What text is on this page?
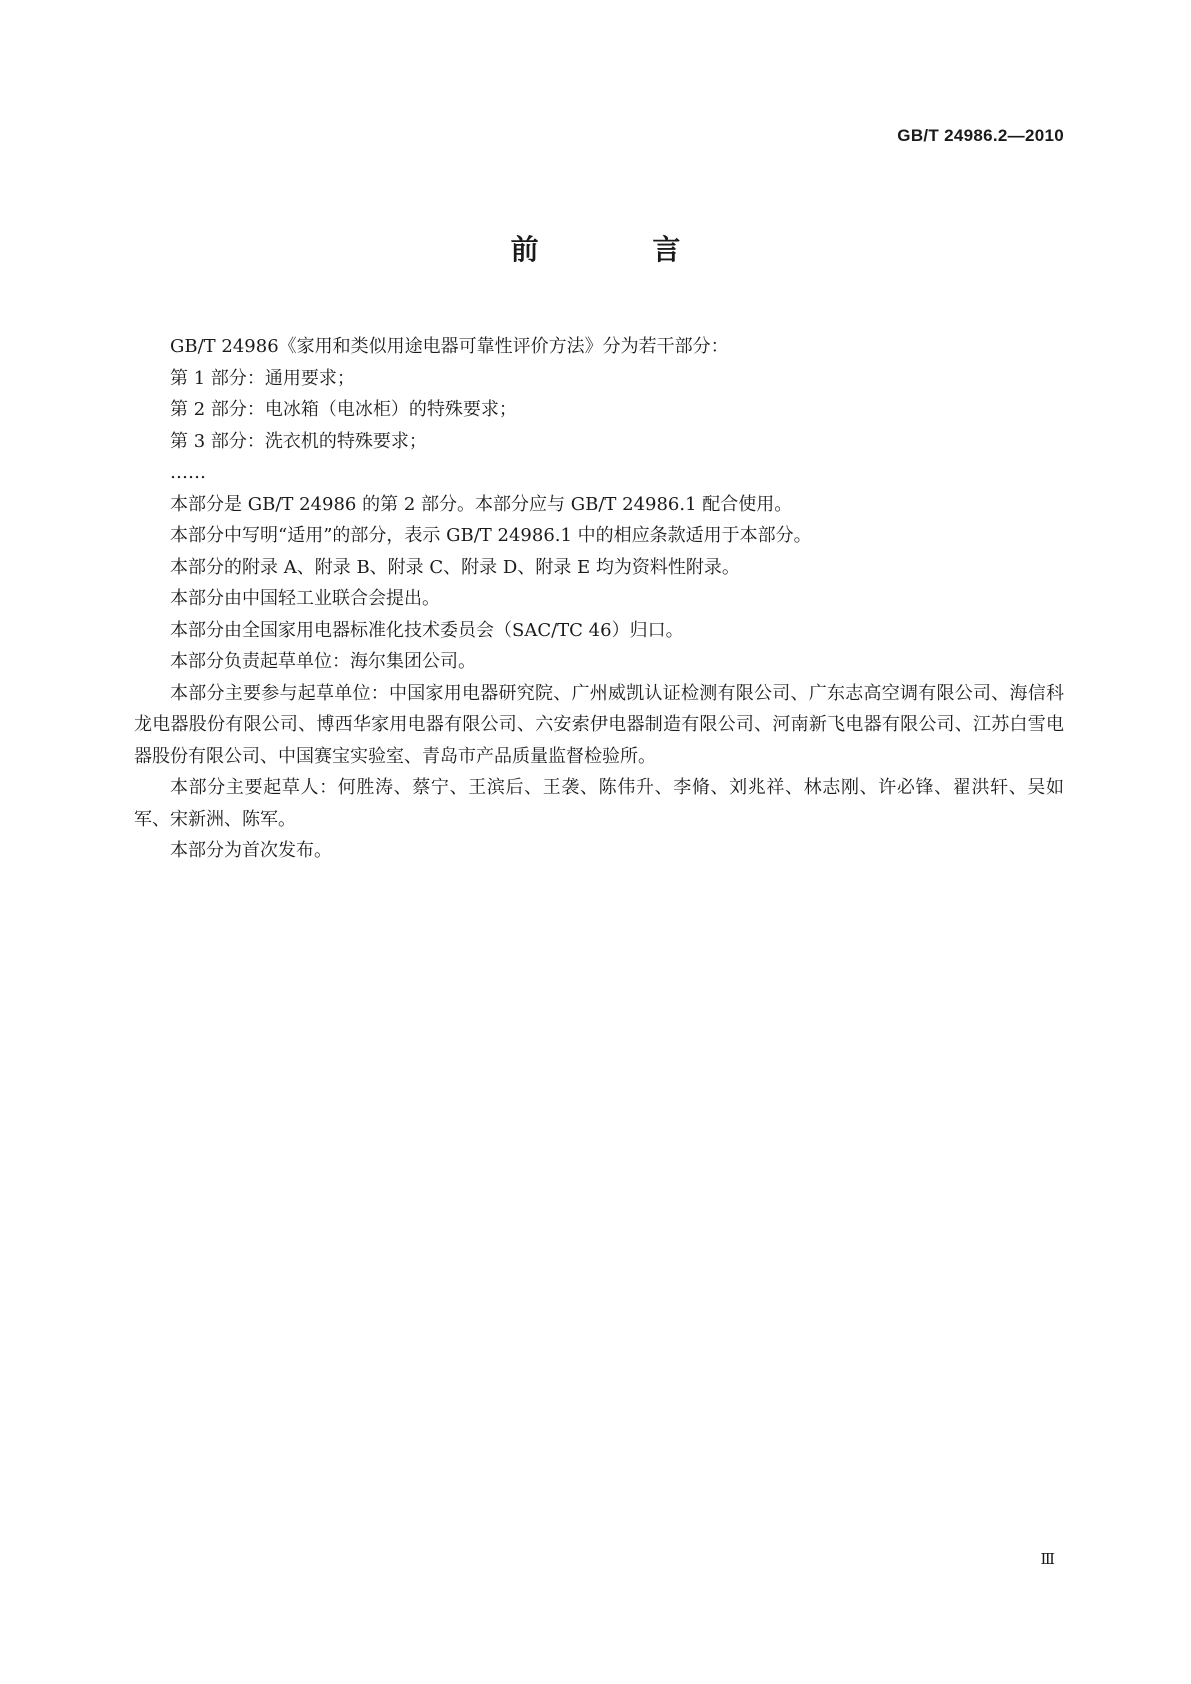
GB/T 24986.2—2010
前 言

GB/T 24986《家用和类似用途电器可靠性评价方法》分为若干部分：

第 1 部分：通用要求；

第 2 部分：电冰箱（电冰柜）的特殊要求；

第 3 部分：洗衣机的特殊要求；

……

本部分是 GB/T 24986 的第 2 部分。本部分应与 GB/T 24986.1 配合使用。

本部分中写明“适用”的部分，表示 GB/T 24986.1 中的相应条款适用于本部分。

本部分的附录 A、附录 B、附录 C、附录 D、附录 E 均为资料性附录。

本部分由中国轻工业联合会提出。

本部分由全国家用电器标准化技术委员会（SAC/TC 46）归口。

本部分负责起草单位：海尔集团公司。

本部分主要参与起草单位：中国家用电器研究院、广州威凯认证检测有限公司、广东志高空调有限公司、海信科龙电器股份有限公司、博西华家用电器有限公司、六安索伊电器制造有限公司、河南新飞电器有限公司、江苏白雪电器股份有限公司、中国赛宝实验室、青岛市产品质量监督检验所。

本部分主要起草人：何胜涛、蔡宁、王滨后、王袭、陈伟升、李脩、刘兆祥、林志刚、许必锋、翟洪轩、吴如军、宋新洲、陈军。

本部分为首次发布。

Ⅲ
